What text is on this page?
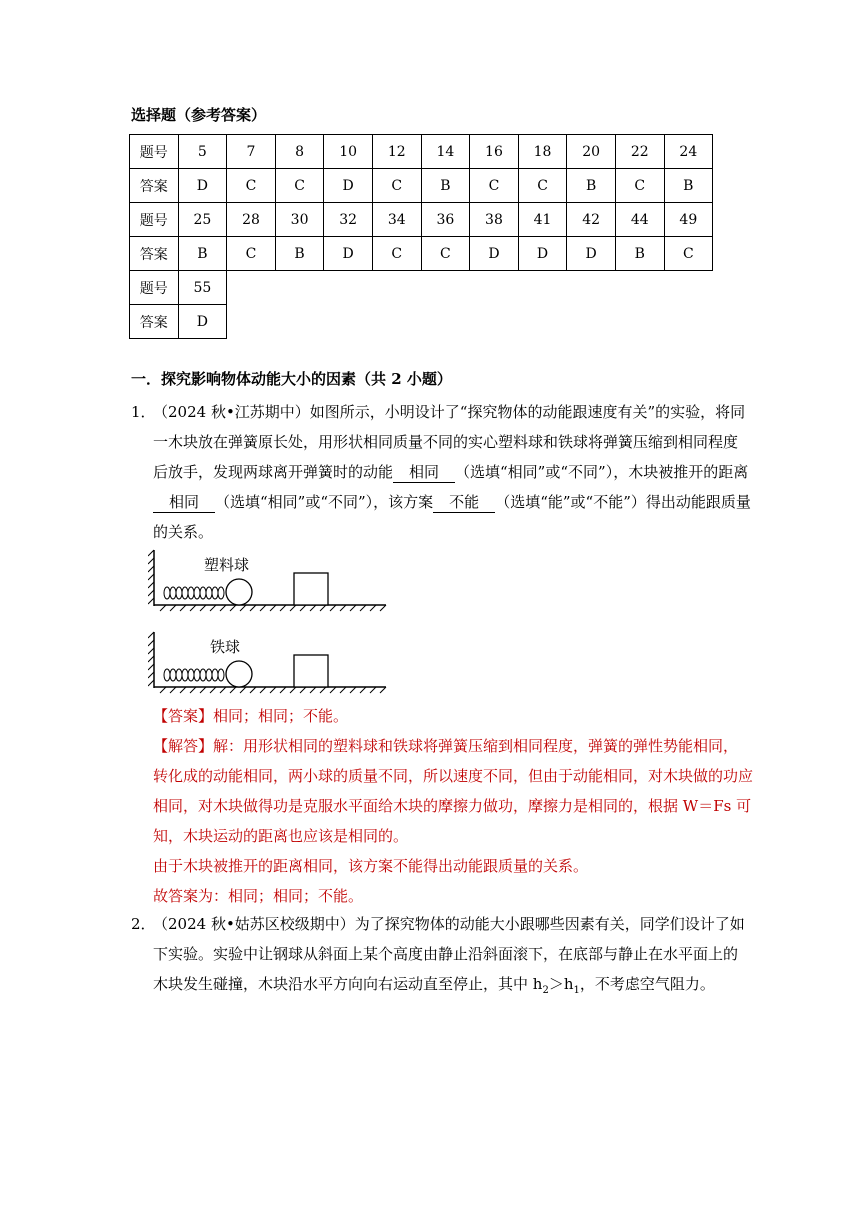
选择题（参考答案）
题号	5	7	8	10	12	14	16	18	20	22	24
答案	D	C	C	D	C	B	C	C	B	C	B
题号	25	28	30	32	34	36	38	41	42	44	49
答案	B	C	B	D	C	C	D	D	D	B	C
题号	55										
答案	D										
一．探究影响物体动能大小的因素（共 2 小题）
1．
（2024 秋•江苏期中）如图所示，小明设计了“探究物体的动能跟速度有关”的实验，将同一木块放在弹簧原长处，用形状相同质量不同的实心塑料球和铁球将弹簧压缩到相同程度后放手，发现两球离开弹簧时的动能 相同 （选填“相同”或“不同”），木块被推开的距离相同 （选填“相同”或“不同”），该方案 不能 （选填“能”或“不能”）得出动能跟质量的关系。
塑料球
铁球
【答案】相同；相同；不能。
【解答】解：用形状相同的塑料球和铁球将弹簧压缩到相同程度，弹簧的弹性势能相同，转化成的动能相同，两小球的质量不同，所以速度不同，但由于动能相同，对木块做的功应相同，对木块做得功是克服水平面给木块的摩擦力做功，摩擦力是相同的，根据 W＝Fs 可知，木块运动的距离也应该是相同的。
由于木块被推开的距离相同，该方案不能得出动能跟质量的关系。
故答案为：相同；相同；不能。
2．
（2024 秋•姑苏区校级期中）为了探究物体的动能大小跟哪些因素有关，同学们设计了如下实验。实验中让钢球从斜面上某个高度由静止沿斜面滚下，在底部与静止在水平面上的木块发生碰撞，木块沿水平方向向右运动直至停止，其中 $h_2>h_1$，不考虑空气阻力。
